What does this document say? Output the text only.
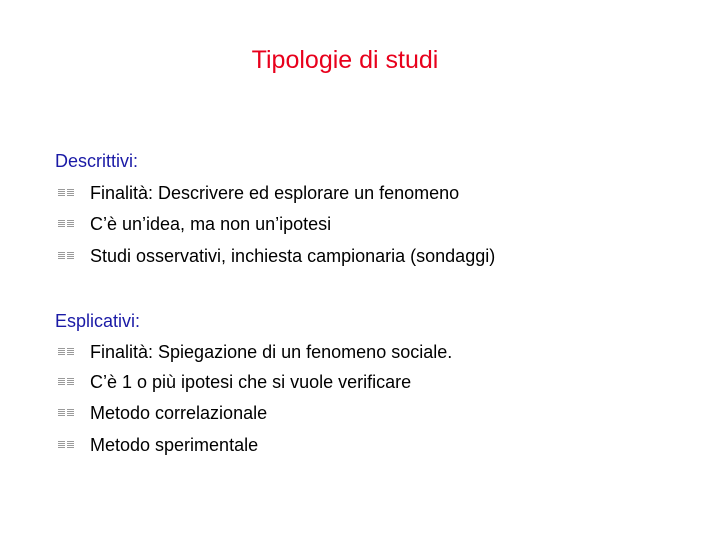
Tipologie di studi
Descrittivi:
Finalità: Descrivere ed esplorare un fenomeno
C’è un’idea, ma non un’ipotesi
Studi osservativi, inchiesta campionaria (sondaggi)
Esplicativi:
Finalità: Spiegazione di un fenomeno sociale.
C’è 1 o più ipotesi che si vuole verificare
Metodo correlazionale
Metodo sperimentale
